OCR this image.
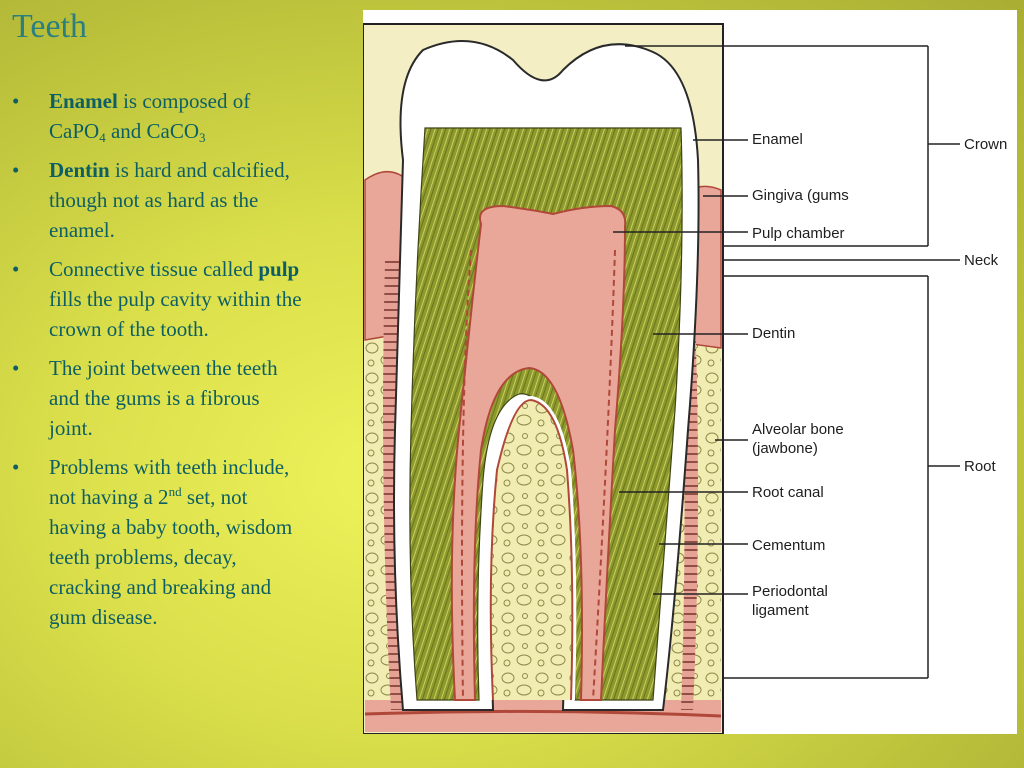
Teeth
• Enamel is composed of CaPO$_4$ and CaCO$_3$
• Dentin is hard and calcified, though not as hard as the enamel.
• Connective tissue called pulp fills the pulp cavity within the crown of the tooth.
• The joint between the teeth and the gums is a fibrous joint.
• Problems with teeth include, not having a 2nd set, not having a baby tooth, wisdom teeth problems, decay, cracking and breaking and gum disease.
Enamel
Gingiva (gums
Pulp chamber
Dentin
Alveolar bone
(jawbone)
Root canal
Cementum
Periodontal
ligament
Crown
Neck
Root
